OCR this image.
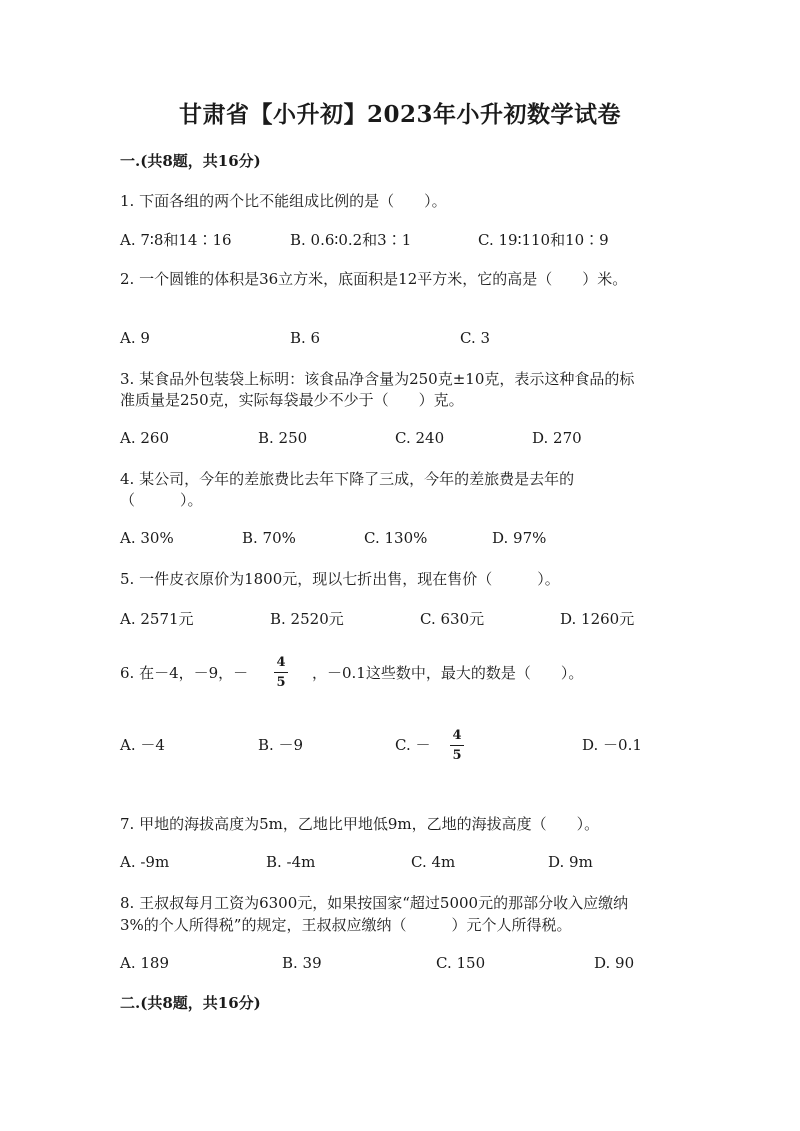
甘肃省【小升初】2023年小升初数学试卷
一.(共8题，共16分)
1. 下面各组的两个比不能组成比例的是（　　）。
A. 7∶8和14∶16	B. 0.6∶0.2和3∶1	C. 19∶110和10∶9
2. 一个圆锥的体积是36立方米，底面积是12平方米，它的高是（　　）米。
A. 9	B. 6	C. 3
3. 某食品外包装袋上标明：该食品净含量为250克±10克，表示这种食品的标
准质量是250克，实际每袋最少不少于（　　）克。
A. 260	B. 250	C. 240	D. 270
4. 某公司，今年的差旅费比去年下降了三成，今年的差旅费是去年的
（　　　）。
A. 30%	B. 70%	C. 130%	D. 97%
5. 一件皮衣原价为1800元，现以七折出售，现在售价（　　　）。
A. 2571元	B. 2520元	C. 630元	D. 1260元
6. 在－4，－9，－
4
5
，－0.1这些数中，最大的数是（　　）。
A. －4	B. －9	C. －
4
5
D. －0.1
7. 甲地的海拔高度为5m，乙地比甲地低9m，乙地的海拔高度（　　）。
A. -9m	B. -4m	C. 4m	D. 9m
8. 王叔叔每月工资为6300元，如果按国家“超过5000元的那部分收入应缴纳
3%的个人所得税”的规定，王叔叔应缴纳（　　　）元个人所得税。
A. 189	B. 39	C. 150	D. 90
二.(共8题，共16分)
